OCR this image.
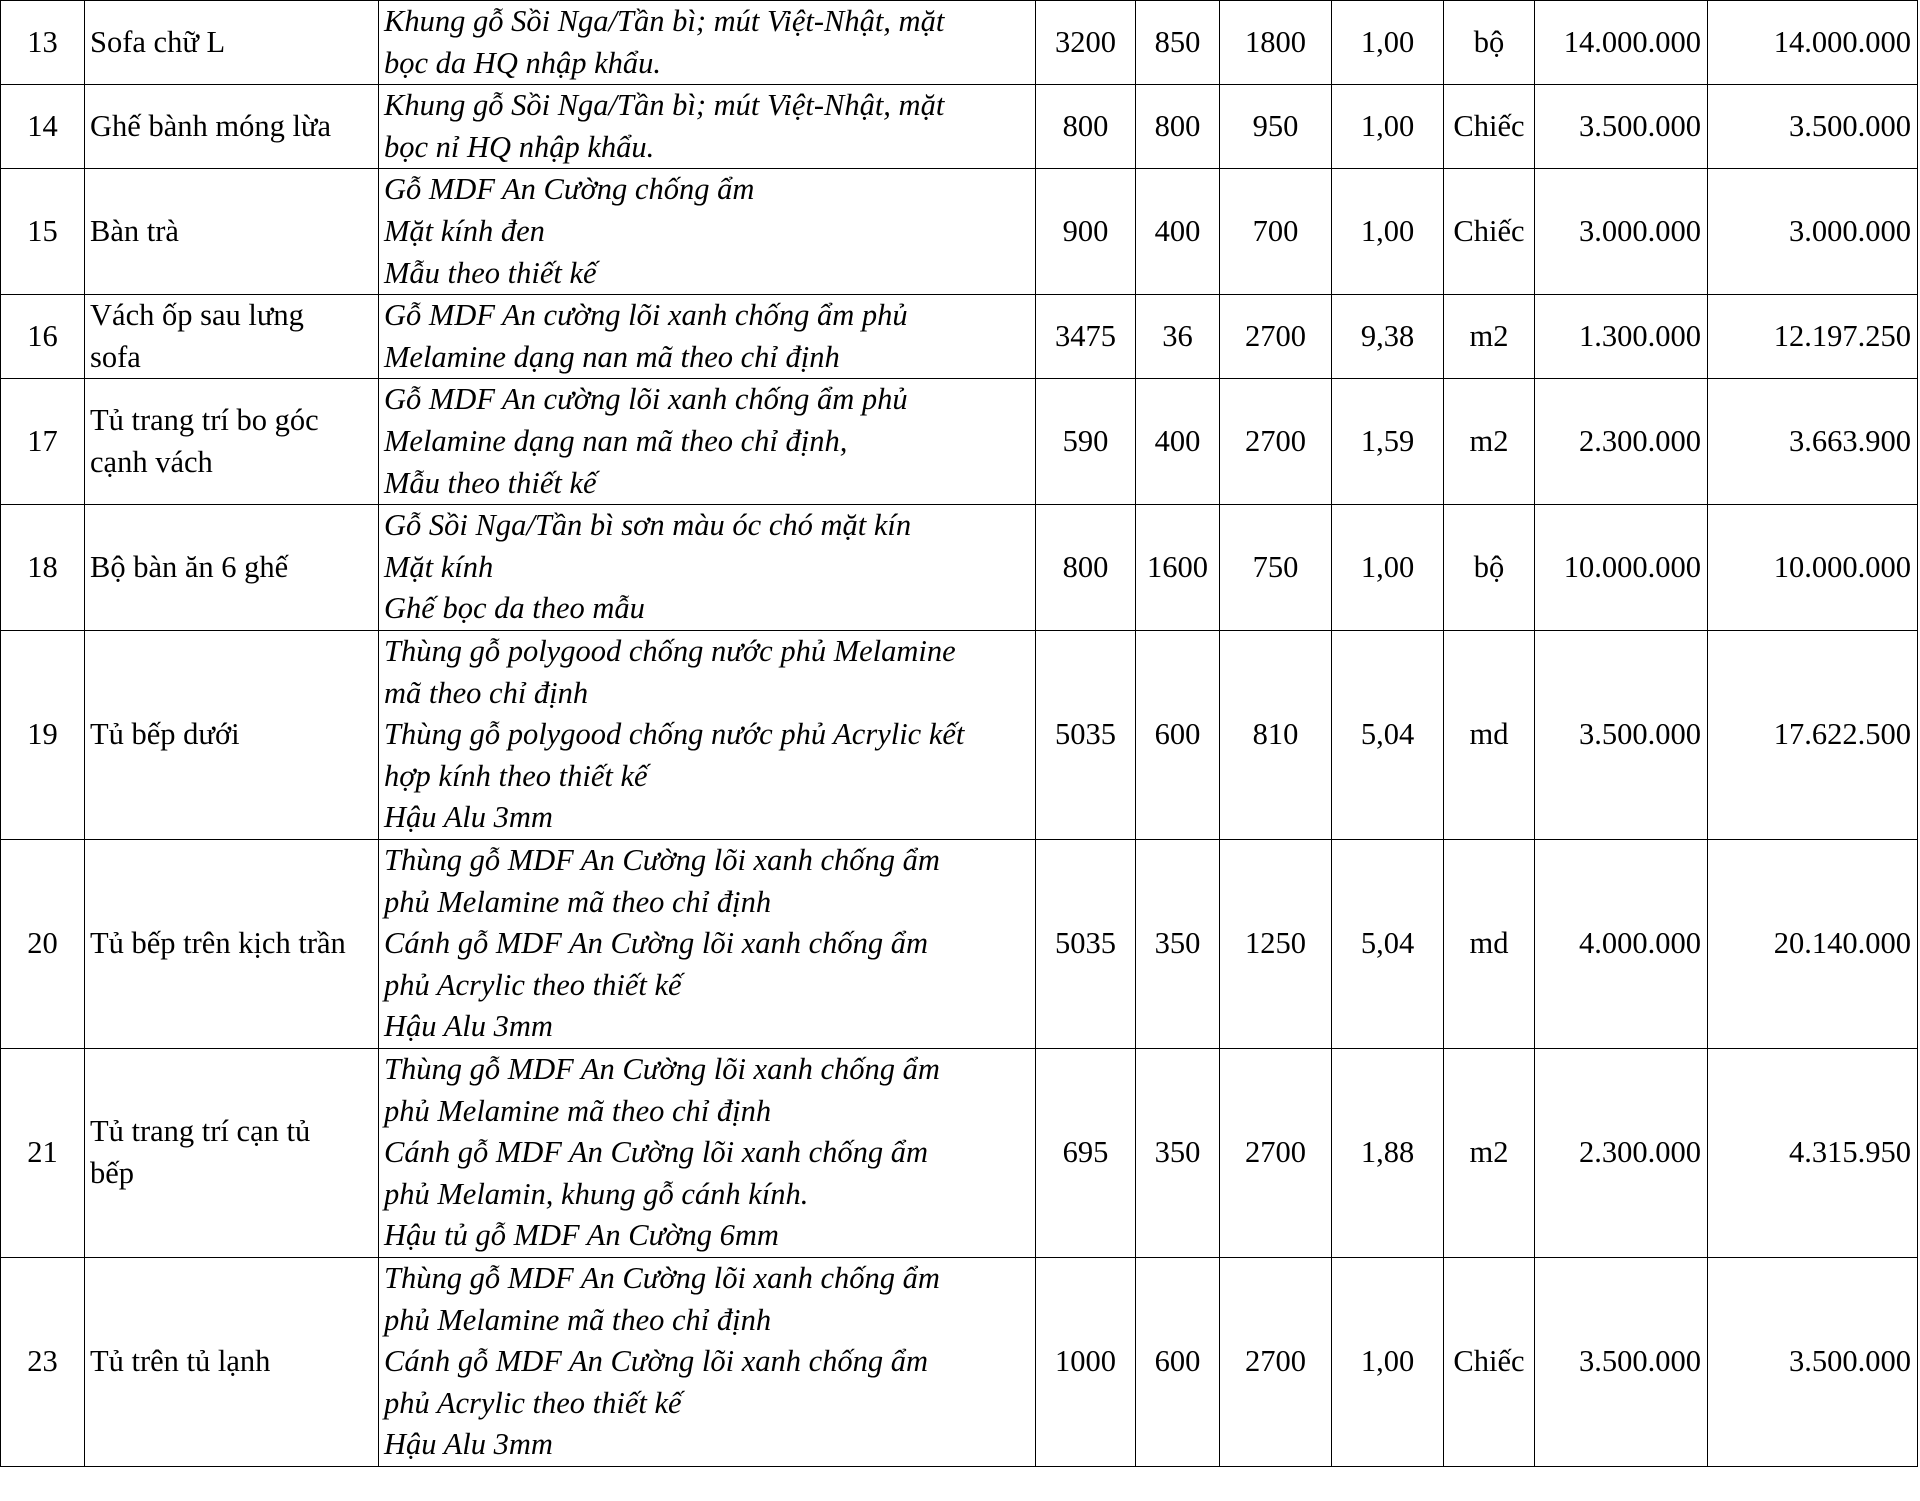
13	Sofa chữ L	Khung gỗ Sồi Nga/Tần bì; mút Việt-Nhật, mặt
bọc da HQ nhập khẩu.	3200	850	1800	1,00	bộ	14.000.000	14.000.000
14	Ghế bành móng lừa	Khung gỗ Sồi Nga/Tần bì; mút Việt-Nhật, mặt
bọc nỉ HQ nhập khẩu.	800	800	950	1,00	Chiếc	3.500.000	3.500.000
15	Bàn trà	Gỗ MDF An Cường chống ẩm
Mặt kính đen
Mẫu theo thiết kế	900	400	700	1,00	Chiếc	3.000.000	3.000.000
16	Vách ốp sau lưng
sofa	Gỗ MDF An cường lõi xanh chống ẩm phủ
Melamine dạng nan mã theo chỉ định	3475	36	2700	9,38	m2	1.300.000	12.197.250
17	Tủ trang trí bo góc
cạnh vách	Gỗ MDF An cường lõi xanh chống ẩm phủ
Melamine dạng nan mã theo chỉ định,
Mẫu theo thiết kế	590	400	2700	1,59	m2	2.300.000	3.663.900
18	Bộ bàn ăn 6 ghế	Gỗ Sồi Nga/Tần bì sơn màu óc chó mặt kín
Mặt kính
Ghế bọc da theo mẫu	800	1600	750	1,00	bộ	10.000.000	10.000.000
19	Tủ bếp dưới	Thùng gỗ polygood chống nước phủ Melamine
mã theo chỉ định
Thùng gỗ polygood chống nước phủ Acrylic kết
hợp kính theo thiết kế
Hậu Alu 3mm	5035	600	810	5,04	md	3.500.000	17.622.500
20	Tủ bếp trên kịch trần	Thùng gỗ MDF An Cường lõi xanh chống ẩm
phủ Melamine mã theo chỉ định
Cánh gỗ MDF An Cường lõi xanh chống ẩm
phủ Acrylic theo thiết kế
Hậu Alu 3mm	5035	350	1250	5,04	md	4.000.000	20.140.000
21	Tủ trang trí cạn tủ
bếp	Thùng gỗ MDF An Cường lõi xanh chống ẩm
phủ Melamine mã theo chỉ định
Cánh gỗ MDF An Cường lõi xanh chống ẩm
phủ Melamin, khung gỗ cánh kính.
Hậu tủ gỗ MDF An Cường 6mm	695	350	2700	1,88	m2	2.300.000	4.315.950
23	Tủ trên tủ lạnh	Thùng gỗ MDF An Cường lõi xanh chống ẩm
phủ Melamine mã theo chỉ định
Cánh gỗ MDF An Cường lõi xanh chống ẩm
phủ Acrylic theo thiết kế
Hậu Alu 3mm	1000	600	2700	1,00	Chiếc	3.500.000	3.500.000
